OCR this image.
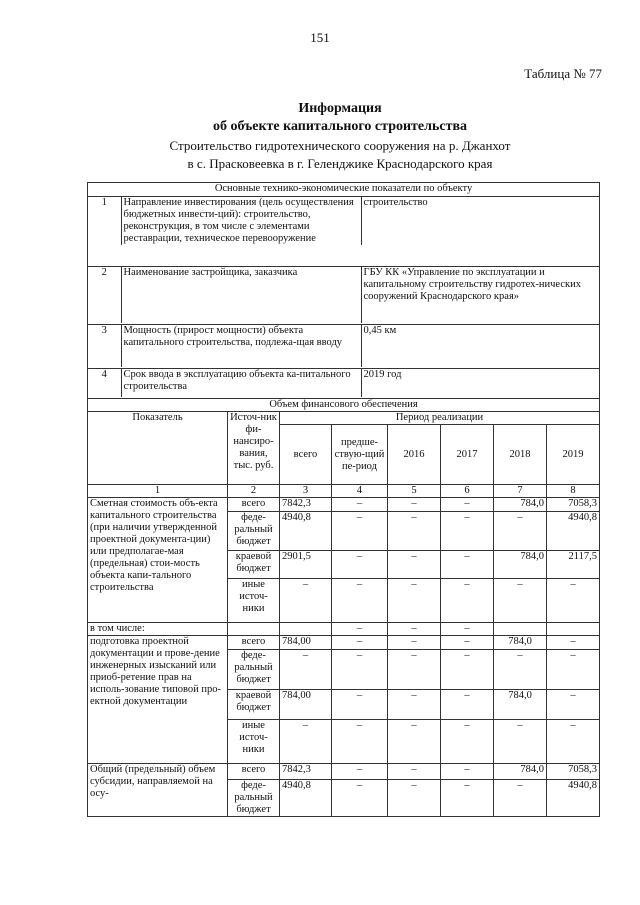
151
Таблица № 77
Информация
об объекте капитального строительства
Строительство гидротехнического сооружения на р. Джанхот
в с. Прасковеевка в г. Геленджике Краснодарского края
Основные технико-экономические показатели по объекту

1	Направление инвестирования (цель осуществления бюджетных инвести-ций): строительство, реконструкция, в том числе с элементами реставрации, техническое перевооружение	строительство

2	Наименование застройщика, заказчика	ГБУ КК «Управление по эксплуатации и капитальному строительству гидротех-нических сооружений Краснодарского края»

3	Мощность (прирост мощности) объекта капитального строительства, подлежа-щая вводу	0,45 км

4	Срок ввода в эксплуатацию объекта ка-питального строительства	2019 год

Объем финансового обеспечения
Показатель	Источ-ник фи-нансиро-вания, тыс. руб.	Период реализации
всего	предше-ствую-щий пе-риод	2016	2017	2018	2019
1	2	3	4	5	6	7	8
Сметная стоимость объ-екта капитального строительства (при наличии утвержденной проектной документа-ции) или предполагае-мая (предельная) стои-мость объекта капи-тального строительства	всего	7842,3	–	–	–	784,0	7058,3
феде-ральный бюджет	4940,8	–	–	–	–	4940,8
краевой бюджет	2901,5	–	–	–	784,0	2117,5
иные источ-ники	–	–	–	–	–	–
в том числе:			–	–	–		
подготовка проектной документации и прове-дение инженерных изысканий или приоб-ретение прав на исполь-зование типовой про-ектной документации	всего	784,00	–	–	–	784,0	–
феде-ральный бюджет	–	–	–	–	–	–
краевой бюджет	784,00	–	–	–	784,0	–
иные источ-ники	–	–	–	–	–	–
Общий (предельный) объем субсидии, направляемой на осу-	всего	7842,3	–	–	–	784,0	7058,3
феде-ральный бюджет	4940,8	–	–	–	–	4940,8
